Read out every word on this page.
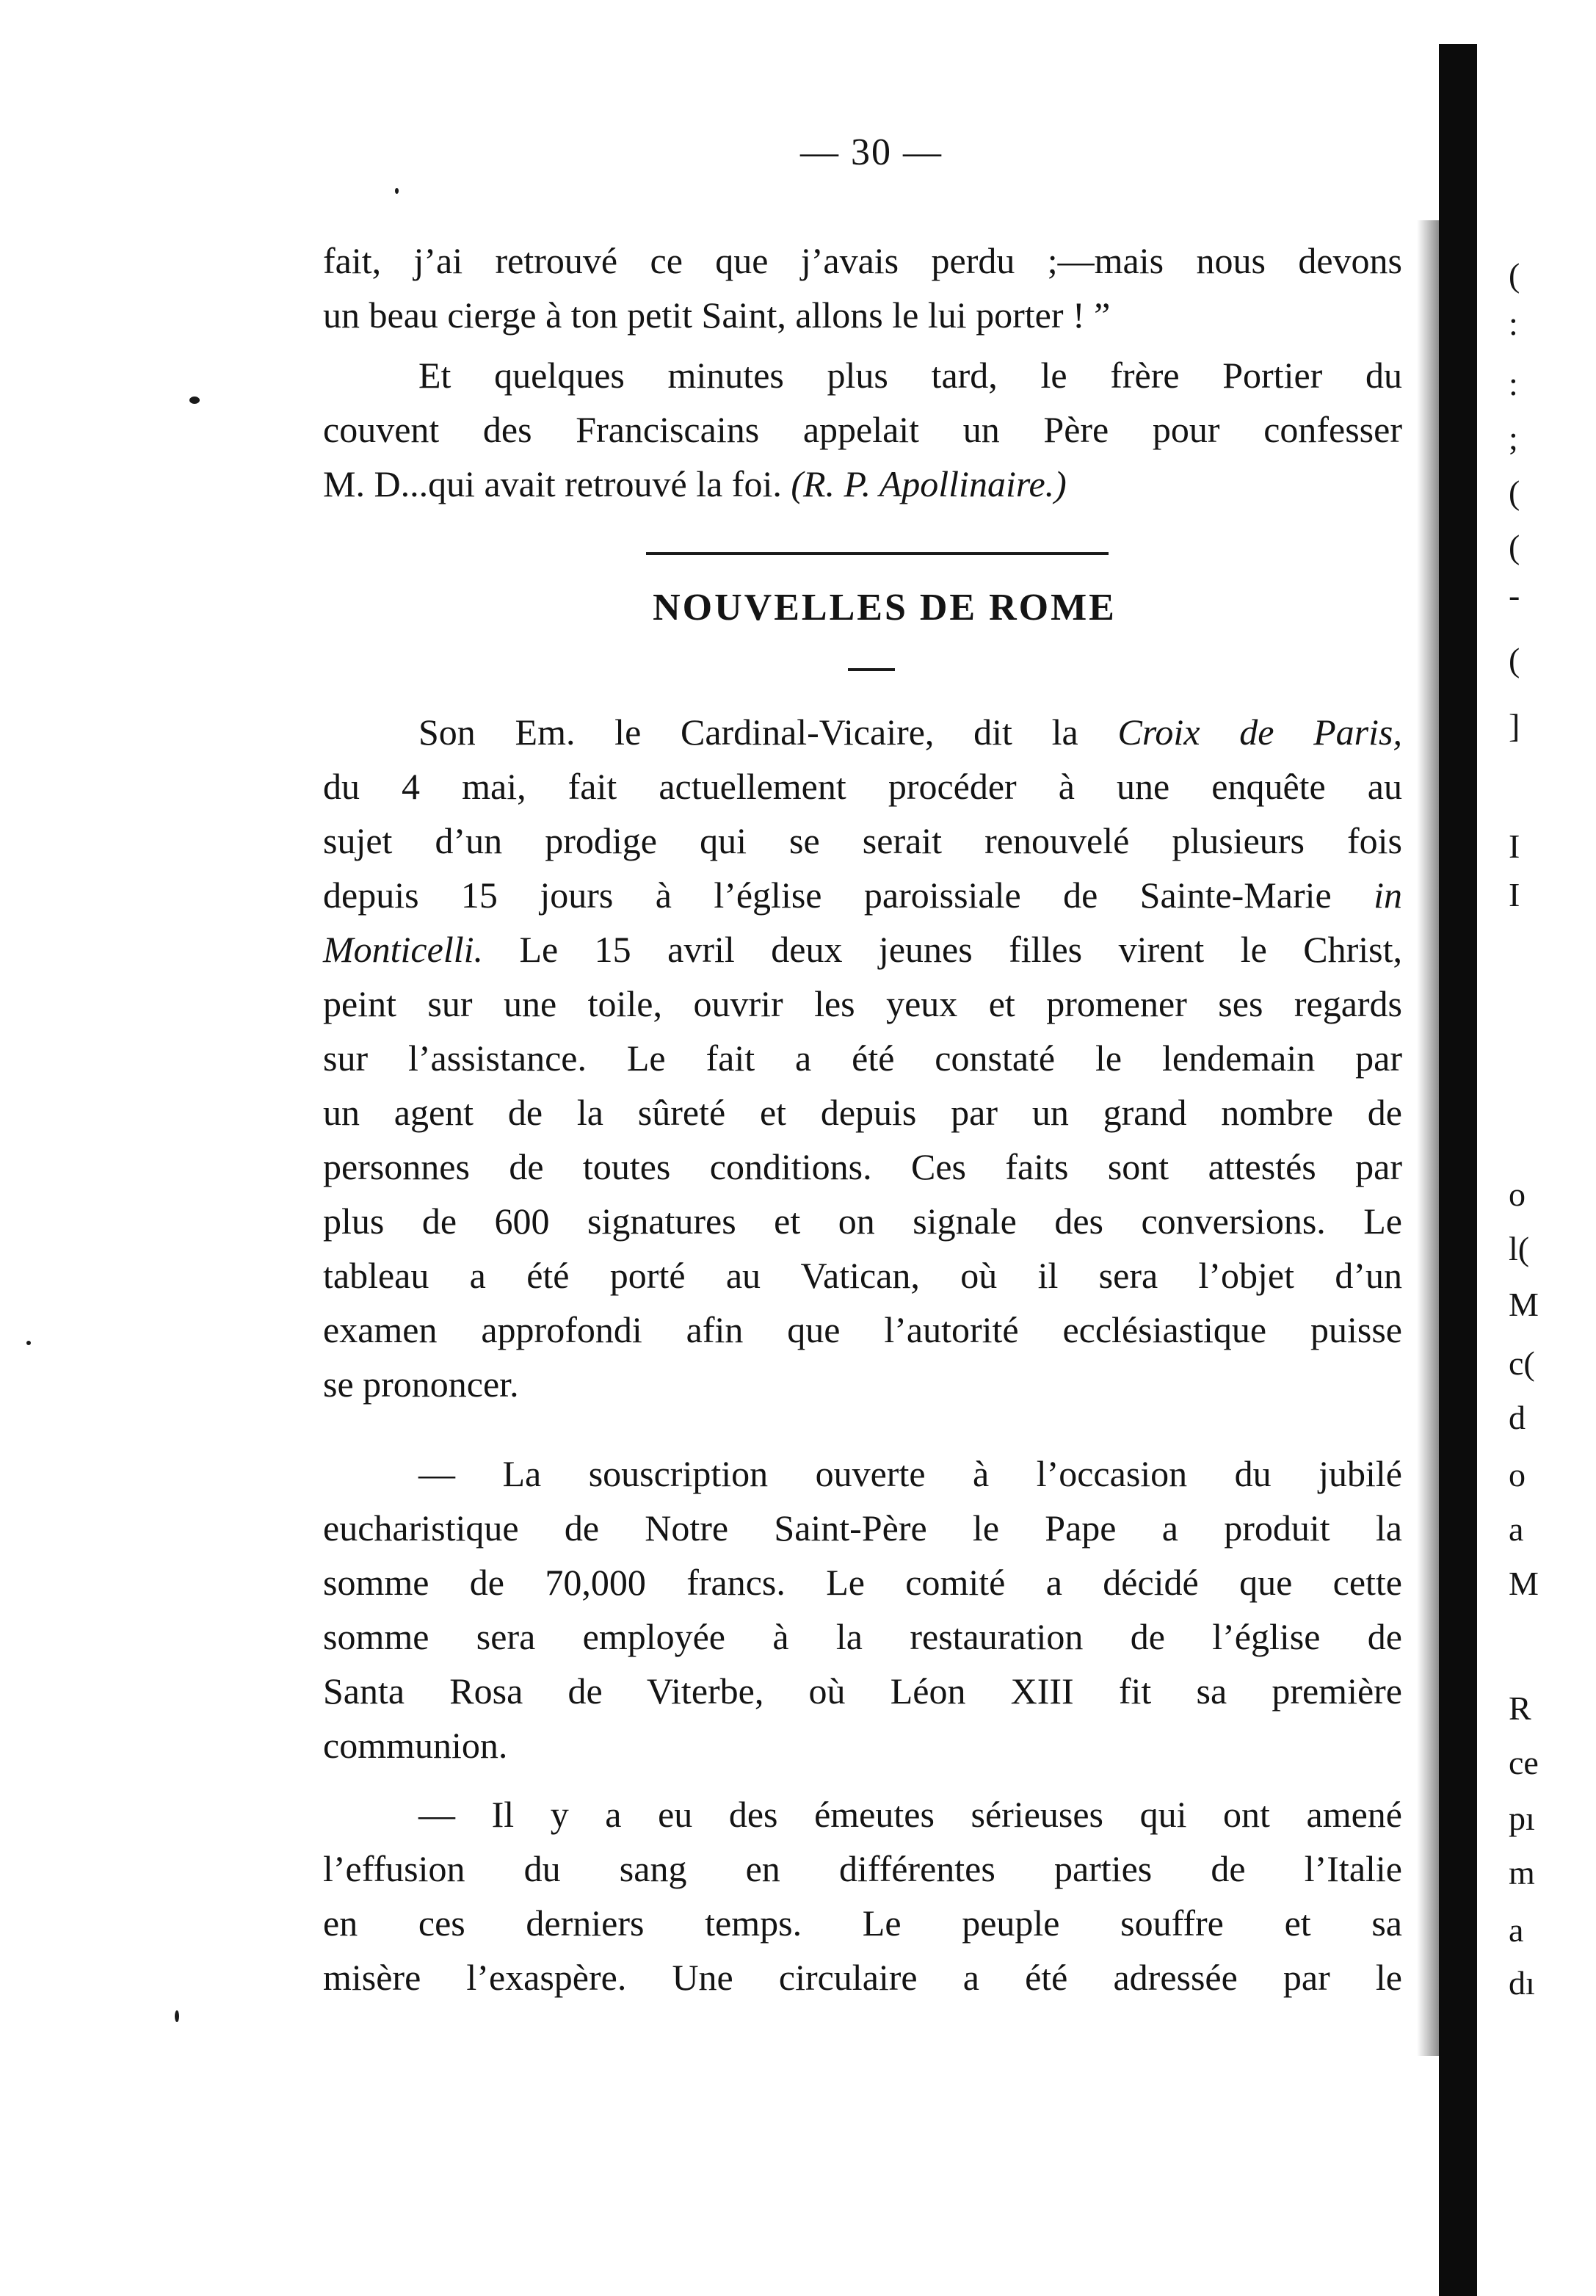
— 30 —
fait, j’ai retrouvé ce que j’avais perdu ;—mais nous devons
un beau cierge à ton petit Saint, allons le lui porter ! ”
Et quelques minutes plus tard, le frère Portier du
couvent des Franciscains appelait un Père pour confesser
M. D...qui avait retrouvé la foi. (R. P. Apollinaire.)
NOUVELLES DE ROME
Son Em. le Cardinal-Vicaire, dit la Croix de Paris,
du 4 mai, fait actuellement procéder à une enquête au
sujet d’un prodige qui se serait renouvelé plusieurs fois
depuis 15 jours à l’église paroissiale de Sainte-Marie in
Monticelli. Le 15 avril deux jeunes filles virent le Christ,
peint sur une toile, ouvrir les yeux et promener ses regards
sur l’assistance. Le fait a été constaté le lendemain par
un agent de la sûreté et depuis par un grand nombre de
personnes de toutes conditions. Ces faits sont attestés par
plus de 600 signatures et on signale des conversions. Le
tableau a été porté au Vatican, où il sera l’objet d’un
examen approfondi afin que l’autorité ecclésiastique puisse
se prononcer.
— La souscription ouverte à l’occasion du jubilé
eucharistique de Notre Saint-Père le Pape a produit la
somme de 70,000 francs. Le comité a décidé que cette
somme sera employée à la restauration de l’église de
Santa Rosa de Viterbe, où Léon XIII fit sa première
communion.
— Il y a eu des émeutes sérieuses qui ont amené
l’effusion du sang en différentes parties de l’Italie
en ces derniers temps. Le peuple souffre et sa
misère l’exaspère. Une circulaire a été adressée par le
(
:
:
;
(
(
-
(
]
I
I
o
l(
M
c(
d
o
a
M
R
ce
pı
m
a
dı
